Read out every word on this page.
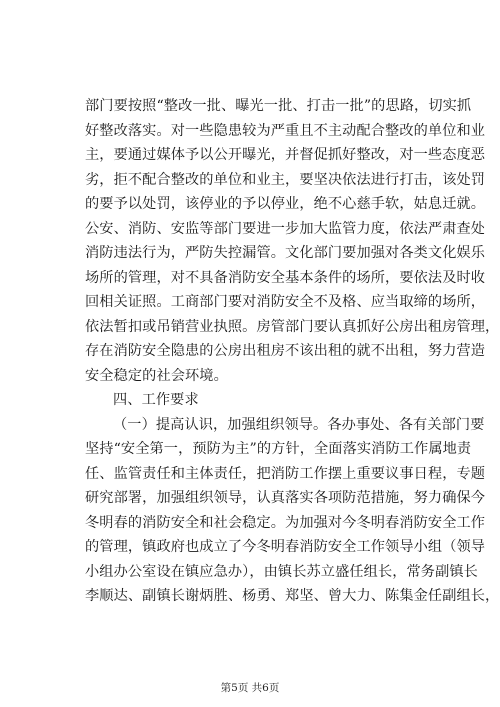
部门要按照“整改一批、曝光一批、打击一批”的思路，切实抓
好整改落实。对一些隐患较为严重且不主动配合整改的单位和业
主，要通过媒体予以公开曝光，并督促抓好整改，对一些态度恶
劣，拒不配合整改的单位和业主，要坚决依法进行打击，该处罚
的要予以处罚，该停业的予以停业，绝不心慈手软，姑息迁就。
公安、消防、安监等部门要进一步加大监管力度，依法严肃查处
消防违法行为，严防失控漏管。文化部门要加强对各类文化娱乐
场所的管理，对不具备消防安全基本条件的场所，要依法及时收
回相关证照。工商部门要对消防安全不及格、应当取缔的场所，
依法暂扣或吊销营业执照。房管部门要认真抓好公房出租房管理，
存在消防安全隐患的公房出租房不该出租的就不出租，努力营造
安全稳定的社会环境。
四、工作要求
（一）提高认识，加强组织领导。各办事处、各有关部门要
坚持“安全第一，预防为主”的方针，全面落实消防工作属地责
任、监管责任和主体责任，把消防工作摆上重要议事日程，专题
研究部署，加强组织领导，认真落实各项防范措施，努力确保今
冬明春的消防安全和社会稳定。为加强对今冬明春消防安全工作
的管理，镇政府也成立了今冬明春消防安全工作领导小组（领导
小组办公室设在镇应急办），由镇长苏立盛任组长，常务副镇长
李顺达、副镇长谢炳胜、杨勇、郑坚、曾大力、陈集金任副组长，
第5页 共6页
